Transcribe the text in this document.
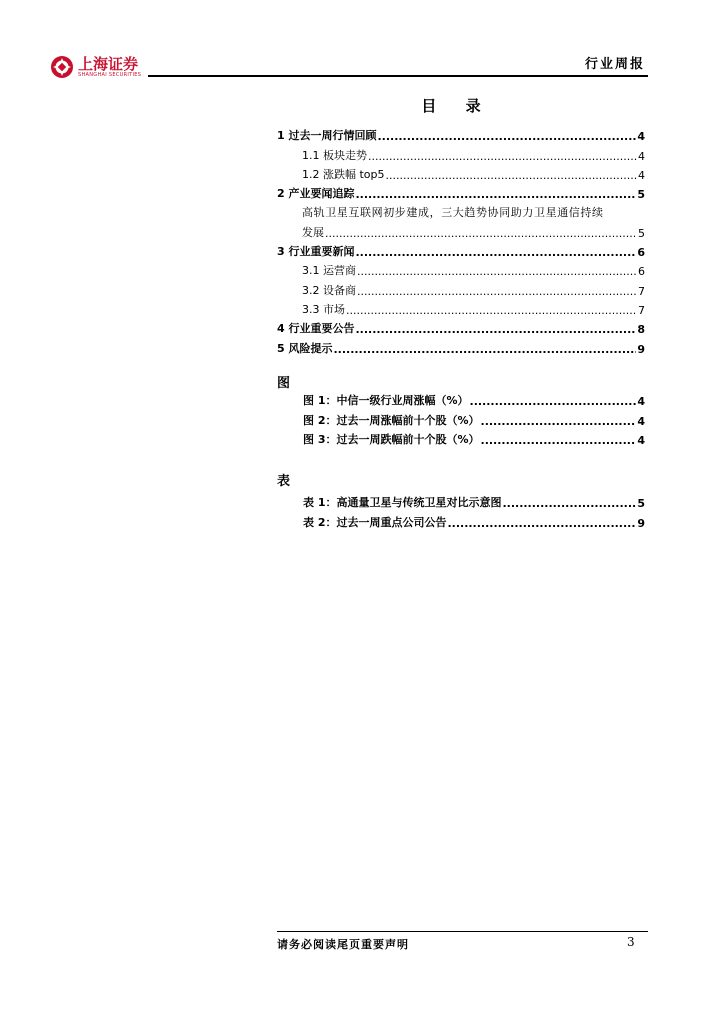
上海证券
SHANGHAI SECURITIES
行业周报
目 录
1 过去一周行情回顾 .....	4
1.1 板块走势 .....	4
1.2 涨跌幅 top5 .....	4
2 产业要闻追踪 .....	5
高轨卫星互联网初步建成，三大趋势协同助力卫星通信持续
发展 .....	5
3 行业重要新闻 .....	6
3.1 运营商 .....	6
3.2 设备商 .....	7
3.3 市场 .....	7
4 行业重要公告 .....	8
5 风险提示 .....	9
图
图 1：中信一级行业周涨幅（%） .....	4
图 2：过去一周涨幅前十个股（%） .....	4
图 3：过去一周跌幅前十个股（%） .....	4
表
表 1：高通量卫星与传统卫星对比示意图 .....	5
表 2：过去一周重点公司公告 .....	9
请务必阅读尾页重要声明	3
